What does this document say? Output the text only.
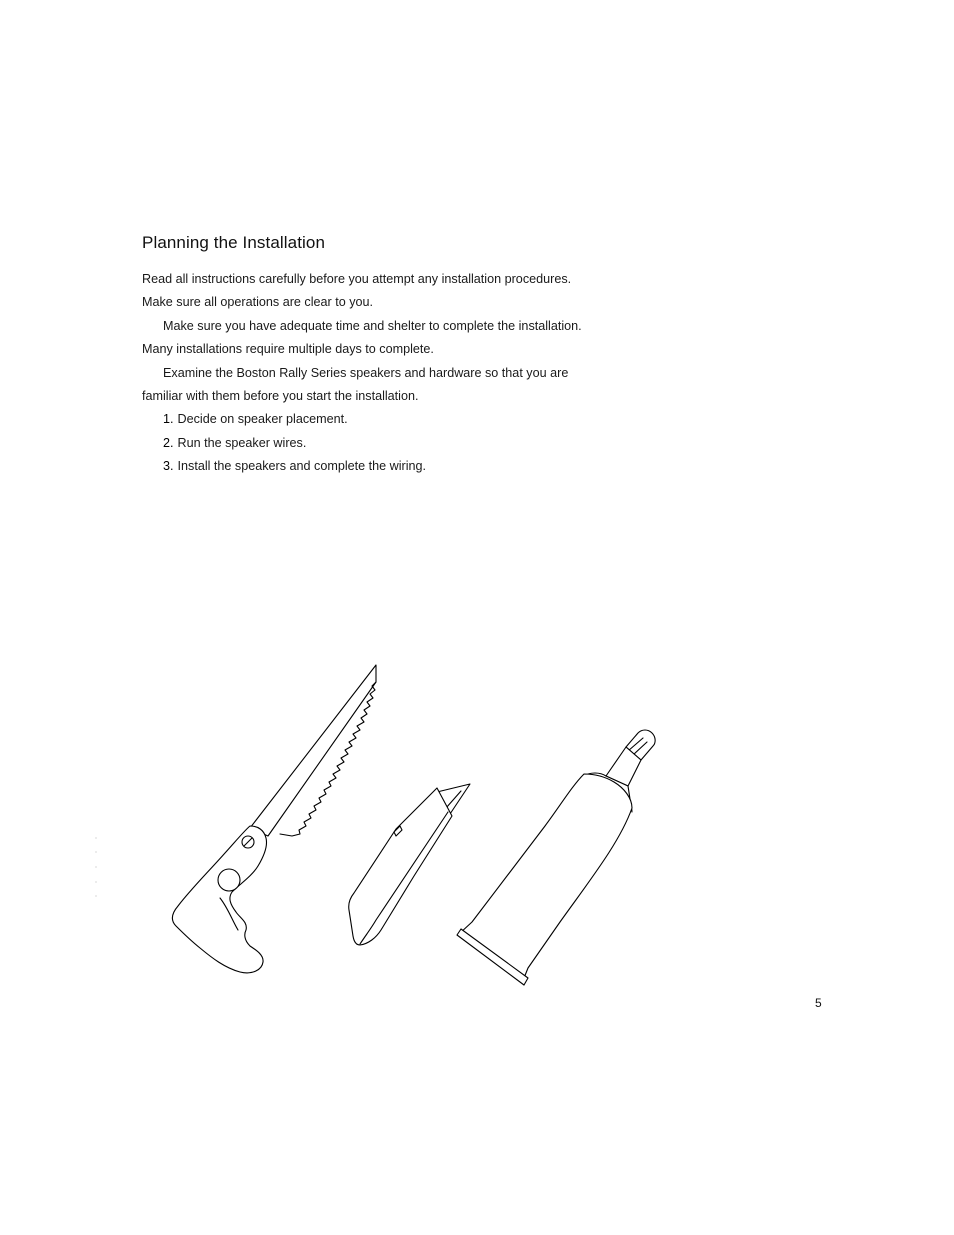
Planning the Installation

Read all instructions carefully before you attempt any installation procedures. Make sure all operations are clear to you.

Make sure you have adequate time and shelter to complete the installation. Many installations require multiple days to complete.

Examine the Boston Rally Series speakers and hardware so that you are familiar with them before you start the installation.

1. Decide on speaker placement.
2. Run the speaker wires.
3. Install the speakers and complete the wiring.
5
